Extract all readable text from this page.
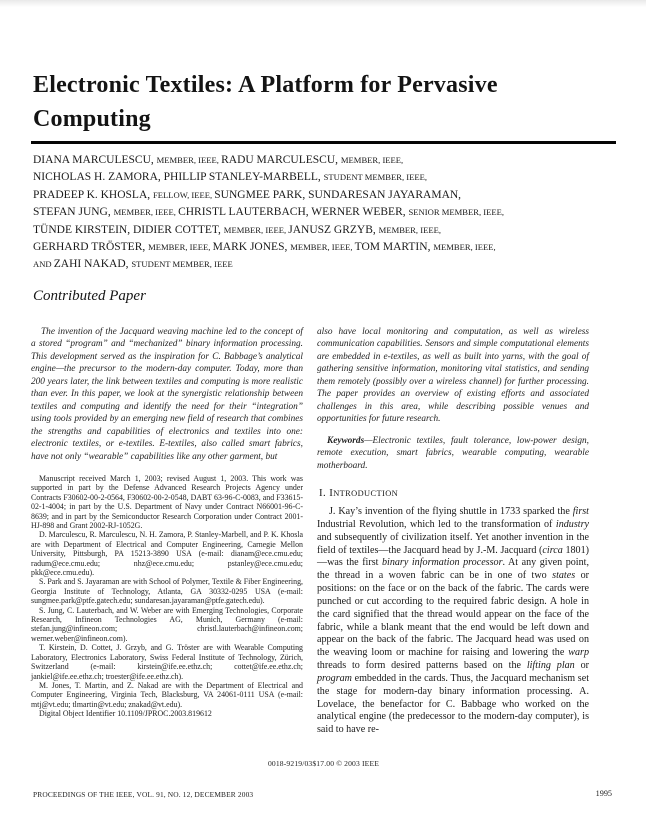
Electronic Textiles: A Platform for Pervasive Computing
DIANA MARCULESCU, MEMBER, IEEE, RADU MARCULESCU, MEMBER, IEEE,
NICHOLAS H. ZAMORA, PHILLIP STANLEY-MARBELL, STUDENT MEMBER, IEEE,
PRADEEP K. KHOSLA, FELLOW, IEEE, SUNGMEE PARK, SUNDARESAN JAYARAMAN,
STEFAN JUNG, MEMBER, IEEE, CHRISTL LAUTERBACH, WERNER WEBER, SENIOR MEMBER, IEEE,
TÜNDE KIRSTEIN, DIDIER COTTET, MEMBER, IEEE, JANUSZ GRZYB, MEMBER, IEEE,
GERHARD TRÖSTER, MEMBER, IEEE, MARK JONES, MEMBER, IEEE, TOM MARTIN, MEMBER, IEEE,
AND ZAHI NAKAD, STUDENT MEMBER, IEEE
Contributed Paper

The invention of the Jacquard weaving machine led to the concept of a stored “program” and “mechanized” binary information processing. This development served as the inspiration for C. Babbage’s analytical engine—the precursor to the modern-day computer. Today, more than 200 years later, the link between textiles and computing is more realistic than ever. In this paper, we look at the synergistic relationship between textiles and computing and identify the need for their “integration” using tools provided by an emerging new field of research that combines the strengths and capabilities of electronics and textiles into one: electronic textiles, or e-textiles. E-textiles, also called smart fabrics, have not only “wearable” capabilities like any other garment, but

Manuscript received March 1, 2003; revised August 1, 2003. This work was supported in part by the Defense Advanced Research Projects Agency under Contracts F30602-00-2-0564, F30602-00-2-0548, DABT 63-96-C-0083, and F33615-02-1-4004; in part by the U.S. Department of Navy under Contract N66001-96-C-8639; and in part by the Semiconductor Research Corporation under Contract 2001-HJ-898 and Grant 2002-RJ-1052G.

D. Marculescu, R. Marculescu, N. H. Zamora, P. Stanley-Marbell, and P. K. Khosla are with Department of Electrical and Computer Engineering, Carnegie Mellon University, Pittsburgh, PA 15213-3890 USA (e-mail: dianam@ece.cmu.edu; radum@ece.cmu.edu; nhz@ece.cmu.edu; pstanley@ece.cmu.edu; pkk@ece.cmu.edu).

S. Park and S. Jayaraman are with School of Polymer, Textile & Fiber Engineering, Georgia Institute of Technology, Atlanta, GA 30332-0295 USA (e-mail: sungmee.park@ptfe.gatech.edu; sundaresan.jayaraman@ptfe.gatech.edu).

S. Jung, C. Lauterbach, and W. Weber are with Emerging Technologies, Corporate Research, Infineon Technologies AG, Munich, Germany (e-mail: stefan.jung@infineon.com; christl.lauterbach@infineon.com; werner.weber@infineon.com).

T. Kirstein, D. Cottet, J. Grzyb, and G. Tröster are with Wearable Computing Laboratory, Electronics Laboratory, Swiss Federal Institute of Technology, Zürich, Switzerland (e-mail: kirstein@ife.ee.ethz.ch; cottet@ife.ee.ethz.ch; jankiel@ife.ee.ethz.ch; troester@ife.ee.ethz.ch).

M. Jones, T. Martin, and Z. Nakad are with the Department of Electrical and Computer Engineering, Virginia Tech, Blacksburg, VA 24061-0111 USA (e-mail: mtj@vt.edu; tlmartin@vt.edu; znakad@vt.edu).

Digital Object Identifier 10.1109/JPROC.2003.819612

also have local monitoring and computation, as well as wireless communication capabilities. Sensors and simple computational elements are embedded in e-textiles, as well as built into yarns, with the goal of gathering sensitive information, monitoring vital statistics, and sending them remotely (possibly over a wireless channel) for further processing. The paper provides an overview of existing efforts and associated challenges in this area, while describing possible venues and opportunities for future research.

Keywords—Electronic textiles, fault tolerance, low-power design, remote execution, smart fabrics, wearable computing, wearable motherboard.

I. INTRODUCTION

J. Kay’s invention of the flying shuttle in 1733 sparked the first Industrial Revolution, which led to the transformation of industry and subsequently of civilization itself. Yet another invention in the field of textiles—the Jacquard head by J.-M. Jacquard (circa 1801)—was the first binary information processor. At any given point, the thread in a woven fabric can be in one of two states or positions: on the face or on the back of the fabric. The cards were punched or cut according to the required fabric design. A hole in the card signified that the thread would appear on the face of the fabric, while a blank meant that the end would be left down and appear on the back of the fabric. The Jacquard head was used on the weaving loom or machine for raising and lowering the warp threads to form desired patterns based on the lifting plan or program embedded in the cards. Thus, the Jacquard mechanism set the stage for modern-day binary information processing. A. Lovelace, the benefactor for C. Babbage who worked on the analytical engine (the predecessor to the modern-day computer), is said to have re-

0018-9219/03$17.00 © 2003 IEEE
PROCEEDINGS OF THE IEEE, VOL. 91, NO. 12, DECEMBER 2003	1995
